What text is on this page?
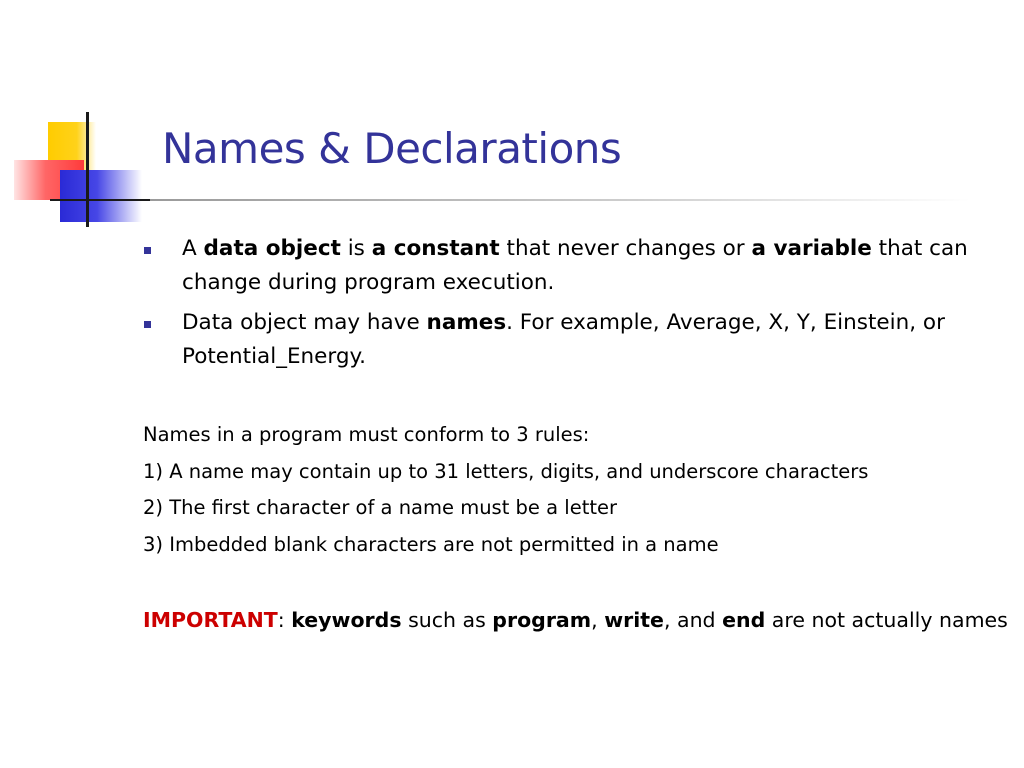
Names & Declarations
A data object is a constant that never changes or a variable that can change during program execution.
Data object may have names. For example, Average, X, Y, Einstein, or Potential_Energy.

Names in a program must conform to 3 rules:

1) A name may contain up to 31 letters, digits, and underscore characters

2) The first character of a name must be a letter

3) Imbedded blank characters are not permitted in a name

IMPORTANT: keywords such as program, write, and end are not actually names
